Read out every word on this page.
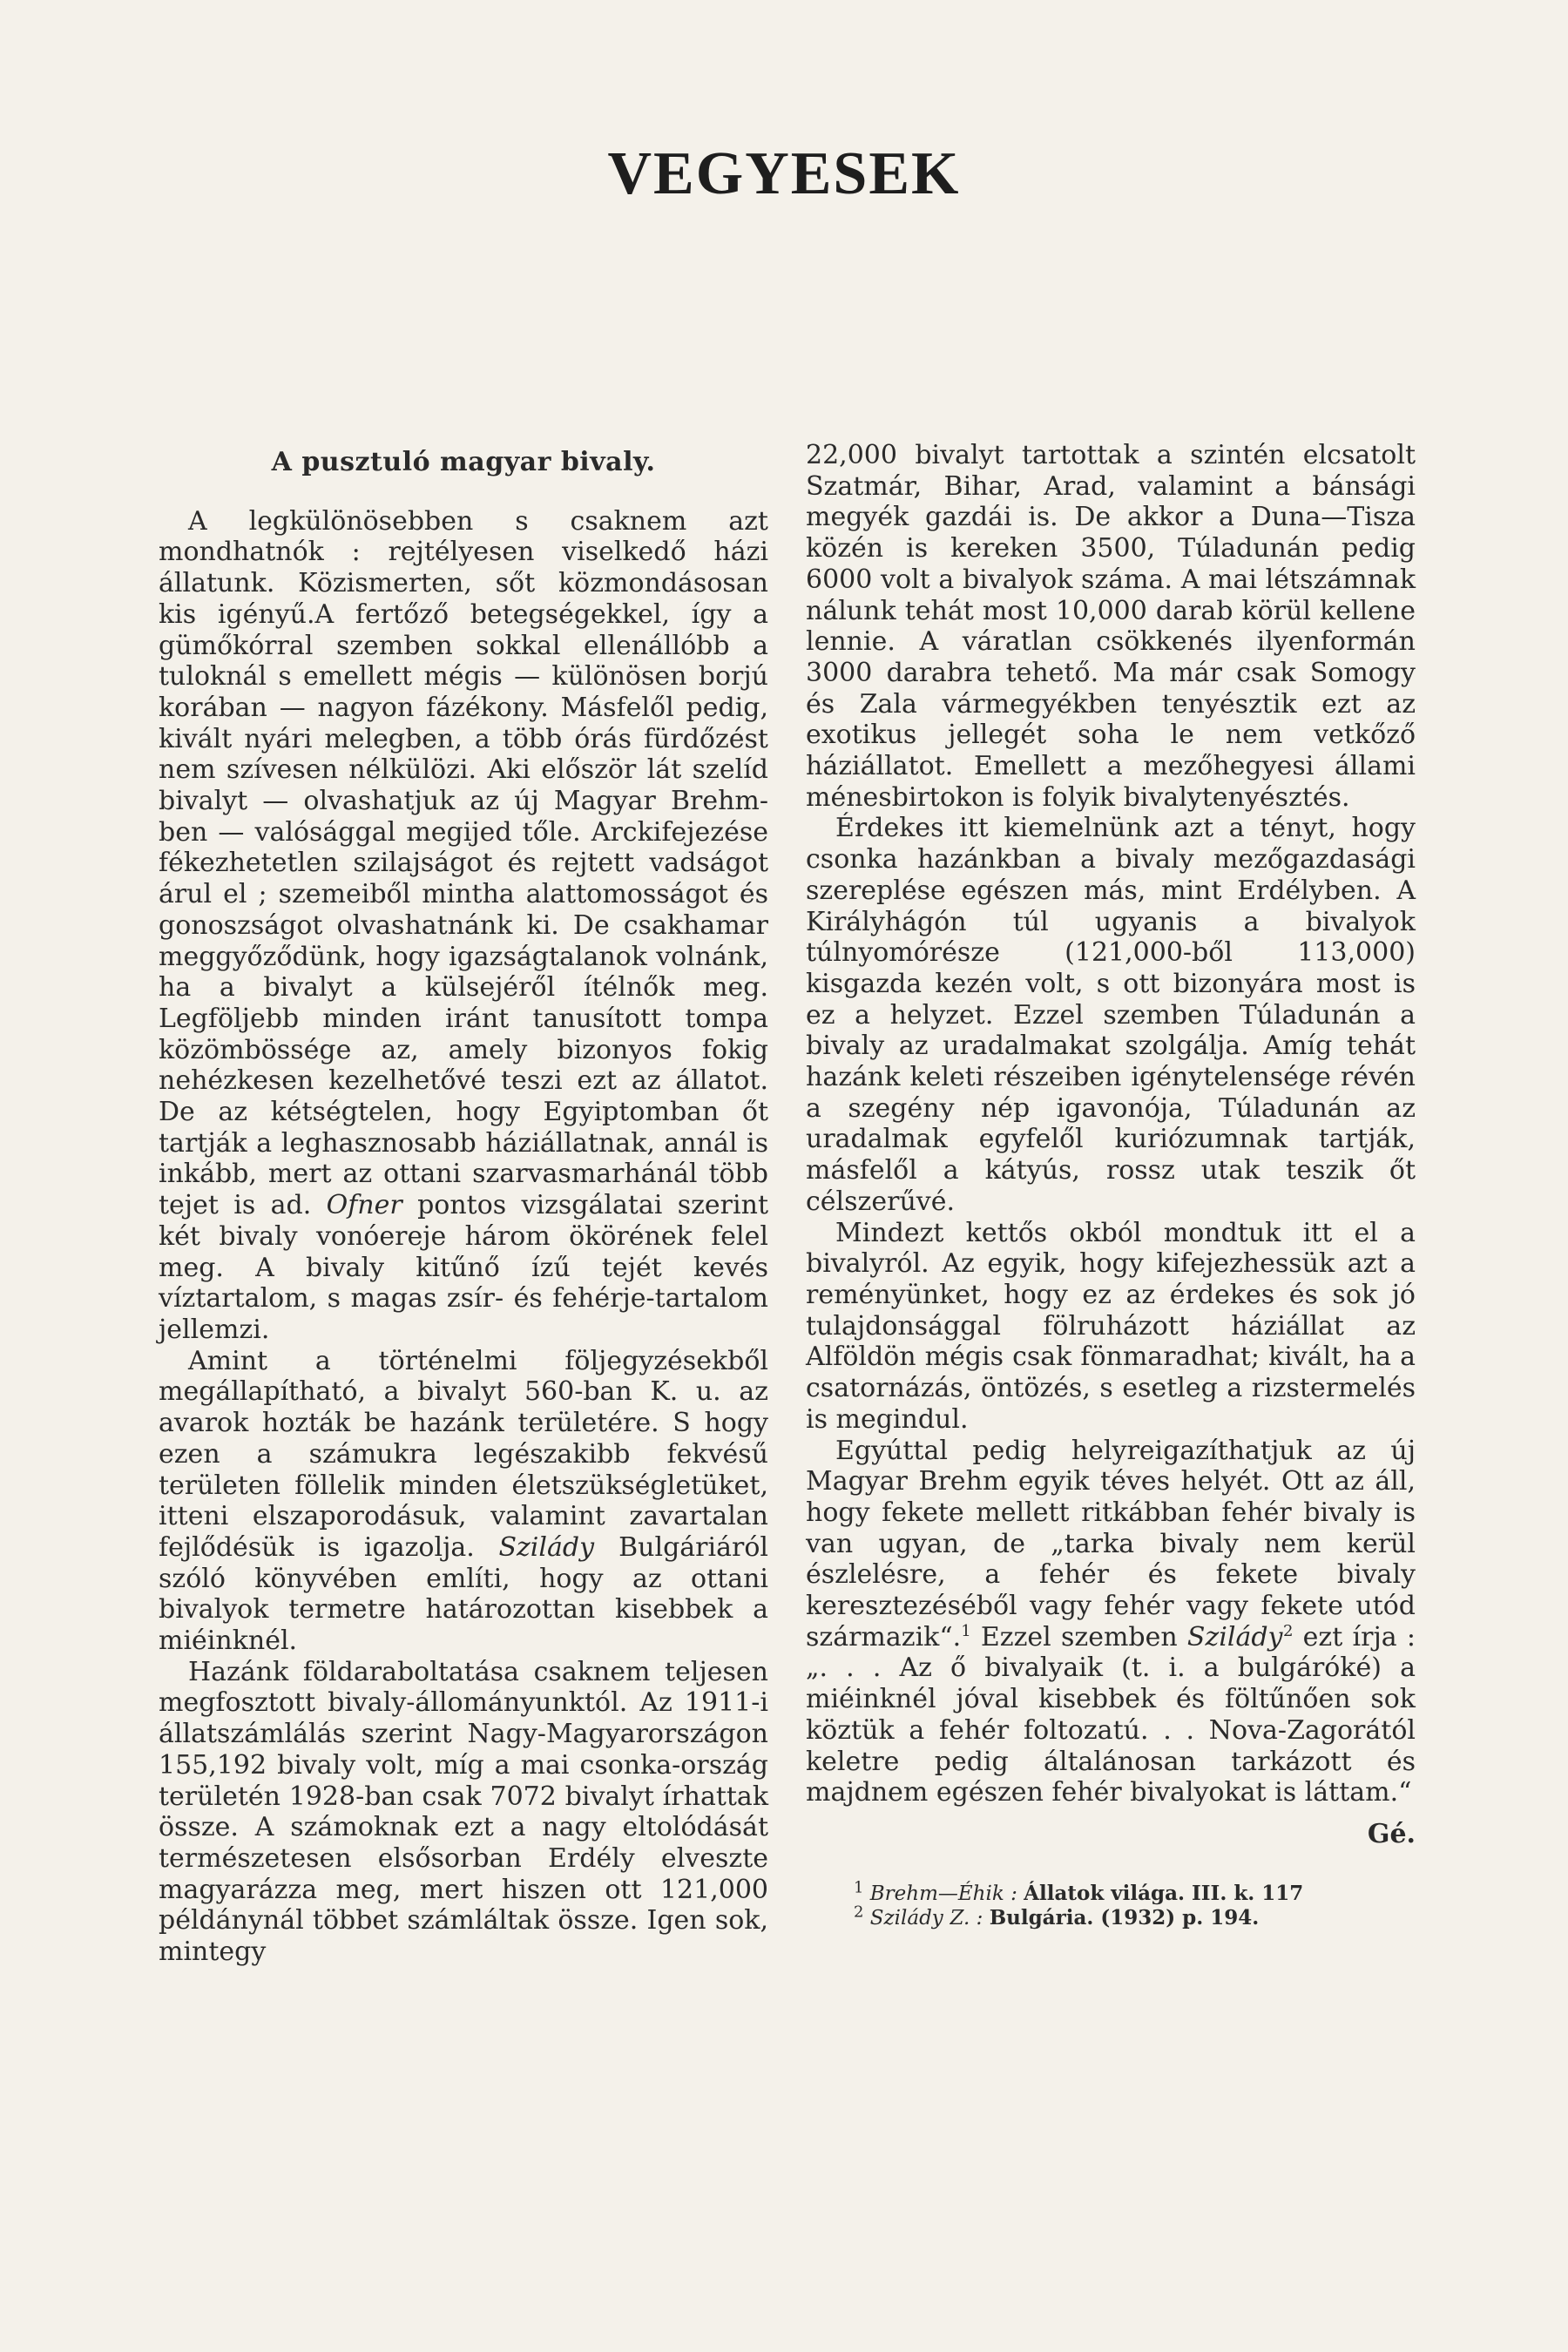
VEGYESEK
A pusztuló magyar bivaly.

A legkülönösebben s csaknem azt mondhatnók : rejtélyesen viselkedő házi állatunk. Közismerten, sőt közmondásosan kis igényű.A fertőző betegségekkel, így a gümőkórral szemben sokkal ellenállóbb a tuloknál s emellett mégis — különösen borjú korában — nagyon fázékony. Másfelől pedig, kivált nyári melegben, a több órás fürdőzést nem szívesen nélkülözi. Aki először lát szelíd bivalyt — olvashatjuk az új Magyar Brehm-ben — valósággal megijed tőle. Arckifejezése fékezhetetlen szilajságot és rejtett vadságot árul el ; szemeiből mintha alattomosságot és gonoszságot olvashatnánk ki. De csakhamar meggyőződünk, hogy igazságtalanok volnánk, ha a bivalyt a külsejéről ítélnők meg. Legföljebb minden iránt tanusított tompa közömbössége az, amely bizonyos fokig nehézkesen kezelhetővé teszi ezt az állatot. De az kétségtelen, hogy Egyiptomban őt tartják a leghasznosabb háziállatnak, annál is inkább, mert az ottani szarvasmarhánál több tejet is ad. Ofner pontos vizsgálatai szerint két bivaly vonóereje három ökörének felel meg. A bivaly kitűnő ízű tejét kevés víztartalom, s magas zsír- és fehérje-tartalom jellemzi.

Amint a történelmi följegyzésekből megállapítható, a bivalyt 560-ban K. u. az avarok hozták be hazánk területére. S hogy ezen a számukra legészakibb fekvésű területen föllelik minden életszükségletüket, itteni elszaporodásuk, valamint zavartalan fejlődésük is igazolja. Sziládу Bulgáriáról szóló könyvében említi, hogy az ottani bivalyok termetre határozottan kisebbek a miéinknél.

Hazánk földaraboltatása csaknem teljesen megfosztott bivaly-állományunktól. Az 1911-i állatszámlálás szerint Nagy-Magyarországon 155,192 bivaly volt, míg a mai csonka-ország területén 1928-ban csak 7072 bivalyt írhattak össze. A számoknak ezt a nagy eltolódását természetesen elsősorban Erdély elveszte magyarázza meg, mert hiszen ott 121,000 példánynál többet számláltak össze. Igen sok, mintegy

22,000 bivalyt tartottak a szintén elcsatolt Szatmár, Bihar, Arad, valamint a bánsági megyék gazdái is. De akkor a Duna—Tisza közén is kereken 3500, Túladunán pedig 6000 volt a bivalyok száma. A mai létszámnak nálunk tehát most 10,000 darab körül kellene lennie. A váratlan csökkenés ilyenformán 3000 darabra tehető. Ma már csak Somogy és Zala vármegyékben tenyésztik ezt az exotikus jellegét soha le nem vetkőző háziállatot. Emellett a mezőhegyesi állami ménesbirtokon is folyik bivalytenyésztés.

Érdekes itt kiemelnünk azt a tényt, hogy csonka hazánkban a bivaly mezőgazdasági szereplése egészen más, mint Erdélyben. A Királyhágón túl ugyanis a bivalyok túlnyomórésze (121,000-ből 113,000) kisgazda kezén volt, s ott bizonyára most is ez a helyzet. Ezzel szemben Túladunán a bivaly az uradalmakat szolgálja. Amíg tehát hazánk keleti részeiben igénytelensége révén a szegény nép igavonója, Túladunán az uradalmak egyfelől kuriózumnak tartják, másfelől a kátyús, rossz utak teszik őt célszerűvé.

Mindezt kettős okból mondtuk itt el a bivalyról. Az egyik, hogy kifejezhessük azt a reményünket, hogy ez az érdekes és sok jó tulajdonsággal fölruházott háziállat az Alföldön mégis csak fönmaradhat; kivált, ha a csatornázás, öntözés, s esetleg a rizstermelés is megindul.

Egyúttal pedig helyreigazíthatjuk az új Magyar Brehm egyik téves helyét. Ott az áll, hogy fekete mellett ritkábban fehér bivaly is van ugyan, de „tarka bivaly nem kerül észlelésre, a fehér és fekete bivaly keresztezéséből vagy fehér vagy fekete utód származik“.$^1$ Ezzel szemben Sziládу$^2$ ezt írja : „. . . Az ő bivalyaik (t. i. a bulgáróké) a miéinknél jóval kisebbek és föltűnően sok köztük a fehér foltozatú. . . Nova-Zagorától keletre pedig általánosan tarkázott és majdnem egészen fehér bivalyokat is láttam.“

Gé.
$^1$ Brehm—Éhik : Állatok világa. III. k. 117
$^2$ Sziládу Z. : Bulgária. (1932) p. 194.
